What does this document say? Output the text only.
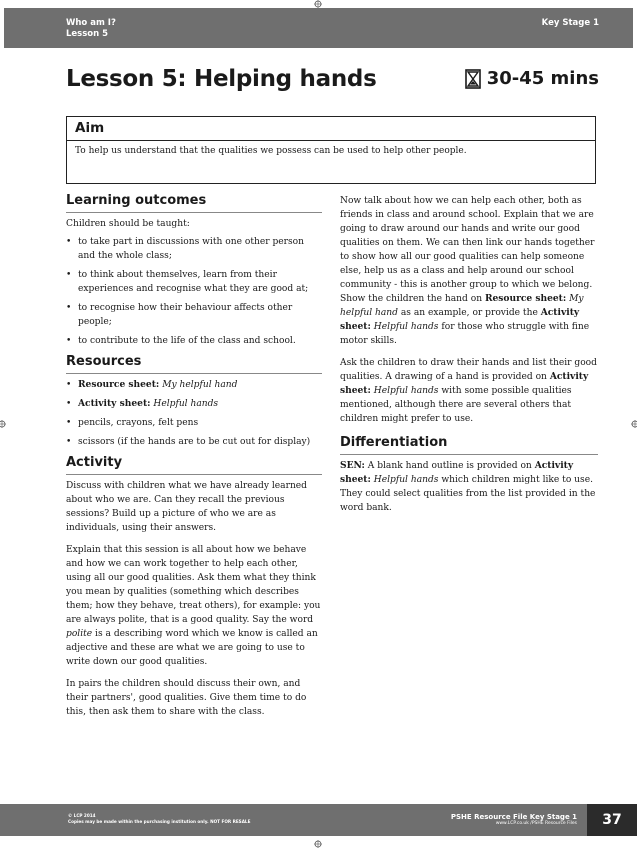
Who am I?
Lesson 5
Key Stage 1
Lesson 5: Helping hands	30-45 mins
Aim
To help us understand that the qualities we possess can be used to help other people.
Learning outcomes

Children should be taught:

• to take part in discussions with one other person and the whole class;
• to think about themselves, learn from their experiences and recognise what they are good at;
• to recognise how their behaviour affects other people;
• to contribute to the life of the class and school.
Resources
• Resource sheet: My helpful hand
• Activity sheet: Helpful hands
• pencils, crayons, felt pens
• scissors (if the hands are to be cut out for display)
Activity

Discuss with children what we have already learned about who we are. Can they recall the previous sessions? Build up a picture of who we are as individuals, using their answers.

Explain that this session is all about how we behave and how we can work together to help each other, using all our good qualities. Ask them what they think you mean by qualities (something which describes them; how they behave, treat others), for example: you are always polite, that is a good quality. Say the word polite is a describing word which we know is called an adjective and these are what we are going to use to write down our good qualities.

In pairs the children should discuss their own, and their partners', good qualities. Give them time to do this, then ask them to share with the class.

Now talk about how we can help each other, both as friends in class and around school. Explain that we are going to draw around our hands and write our good qualities on them. We can then link our hands together to show how all our good qualities can help someone else, help us as a class and help around our school community - this is another group to which we belong. Show the children the hand on Resource sheet: My helpful hand as an example, or provide the Activity sheet: Helpful hands for those who struggle with fine motor skills.

Ask the children to draw their hands and list their good qualities. A drawing of a hand is provided on Activity sheet: Helpful hands with some possible qualities mentioned, although there are several others that children might prefer to use.

Differentiation

SEN: A blank hand outline is provided on Activity sheet: Helpful hands which children might like to use. They could select qualities from the list provided in the word bank.

© LCP 2014
Copies may be made within the purchasing institution only. NOT FOR RESALE
PSHE Resource File Key Stage 1
www.LCP.co.uk /PSHE Resource Files	37
